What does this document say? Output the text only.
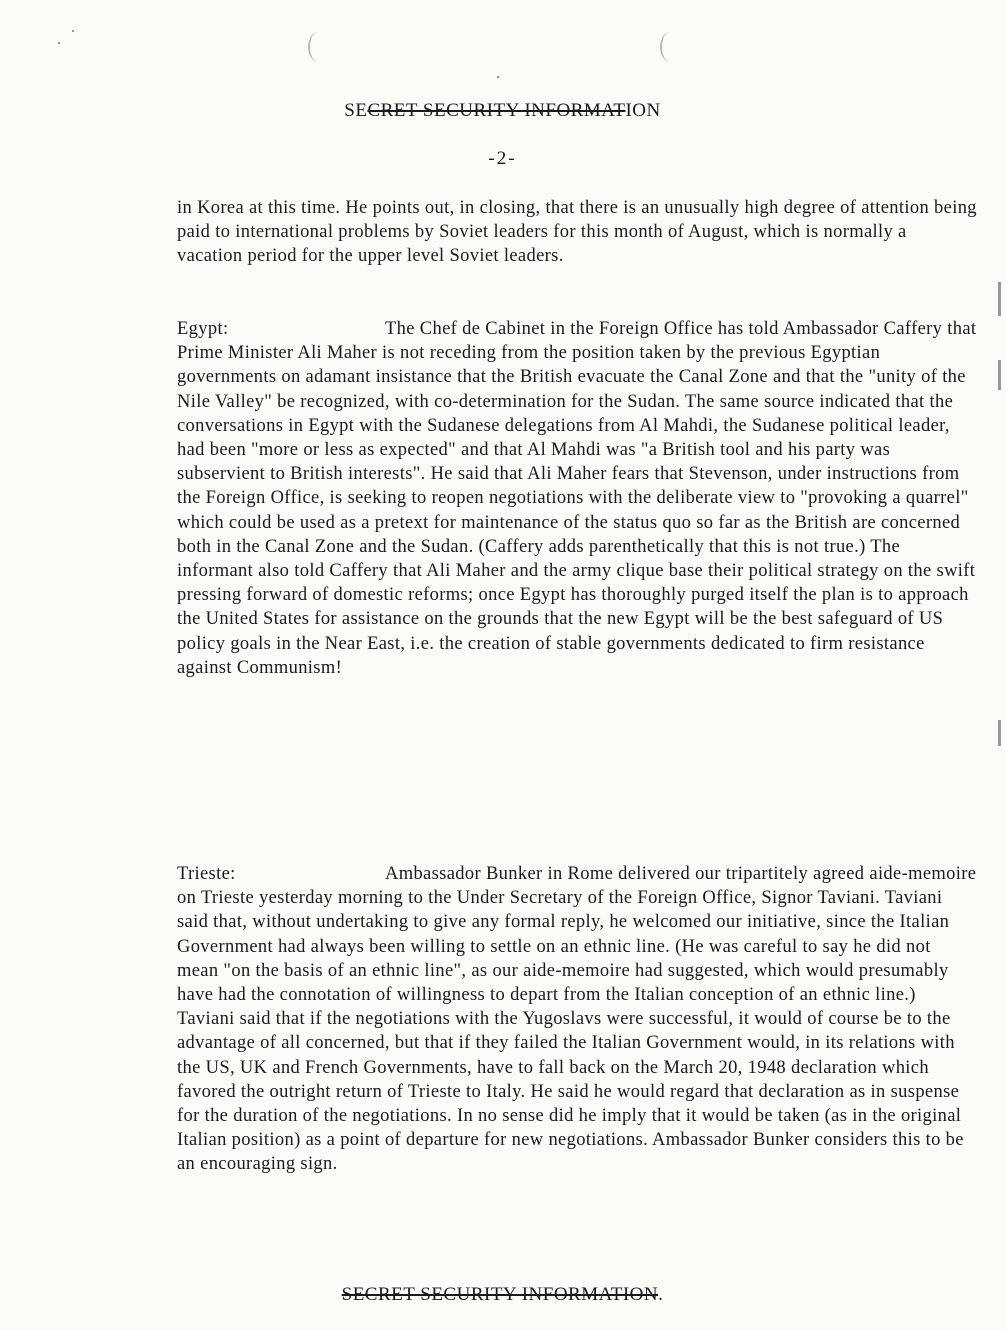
SECRET SECURITY INFORMATION
-2-

in Korea at this time. He points out, in closing, that there is an unusually high degree of attention being paid to international problems by Soviet leaders for this month of August, which is normally a vacation period for the upper level Soviet leaders.

Egypt:	The Chef de Cabinet in the Foreign Office has told Ambassador Caffery that Prime Minister Ali Maher is not receding from the position taken by the previous Egyptian governments on adamant insistance that the British evacuate the Canal Zone and that the "unity of the Nile Valley" be recognized, with co-determination for the Sudan. The same source indicated that the conversations in Egypt with the Sudanese delegations from Al Mahdi, the Sudanese political leader, had been "more or less as expected" and that Al Mahdi was "a British tool and his party was subservient to British interests". He said that Ali Maher fears that Stevenson, under instructions from the Foreign Office, is seeking to reopen negotiations with the deliberate view to "provoking a quarrel" which could be used as a pretext for maintenance of the status quo so far as the British are concerned both in the Canal Zone and the Sudan. (Caffery adds parenthetically that this is not true.) The informant also told Caffery that Ali Maher and the army clique base their political strategy on the swift pressing forward of domestic reforms; once Egypt has thoroughly purged itself the plan is to approach the United States for assistance on the grounds that the new Egypt will be the best safeguard of US policy goals in the Near East, i.e. the creation of stable governments dedicated to firm resistance against Communism!

Trieste:	Ambassador Bunker in Rome delivered our tripartitely agreed aide-memoire on Trieste yesterday morning to the Under Secretary of the Foreign Office, Signor Taviani. Taviani said that, without undertaking to give any formal reply, he welcomed our initiative, since the Italian Government had always been willing to settle on an ethnic line. (He was careful to say he did not mean "on the basis of an ethnic line", as our aide-memoire had suggested, which would presumably have had the connotation of willingness to depart from the Italian conception of an ethnic line.) Taviani said that if the negotiations with the Yugoslavs were successful, it would of course be to the advantage of all concerned, but that if they failed the Italian Government would, in its relations with the US, UK and French Governments, have to fall back on the March 20, 1948 declaration which favored the outright return of Trieste to Italy. He said he would regard that declaration as in suspense for the duration of the negotiations. In no sense did he imply that it would be taken (as in the original Italian position) as a point of departure for new negotiations. Ambassador Bunker considers this to be an encouraging sign.

SECRET SECURITY INFORMATION.
